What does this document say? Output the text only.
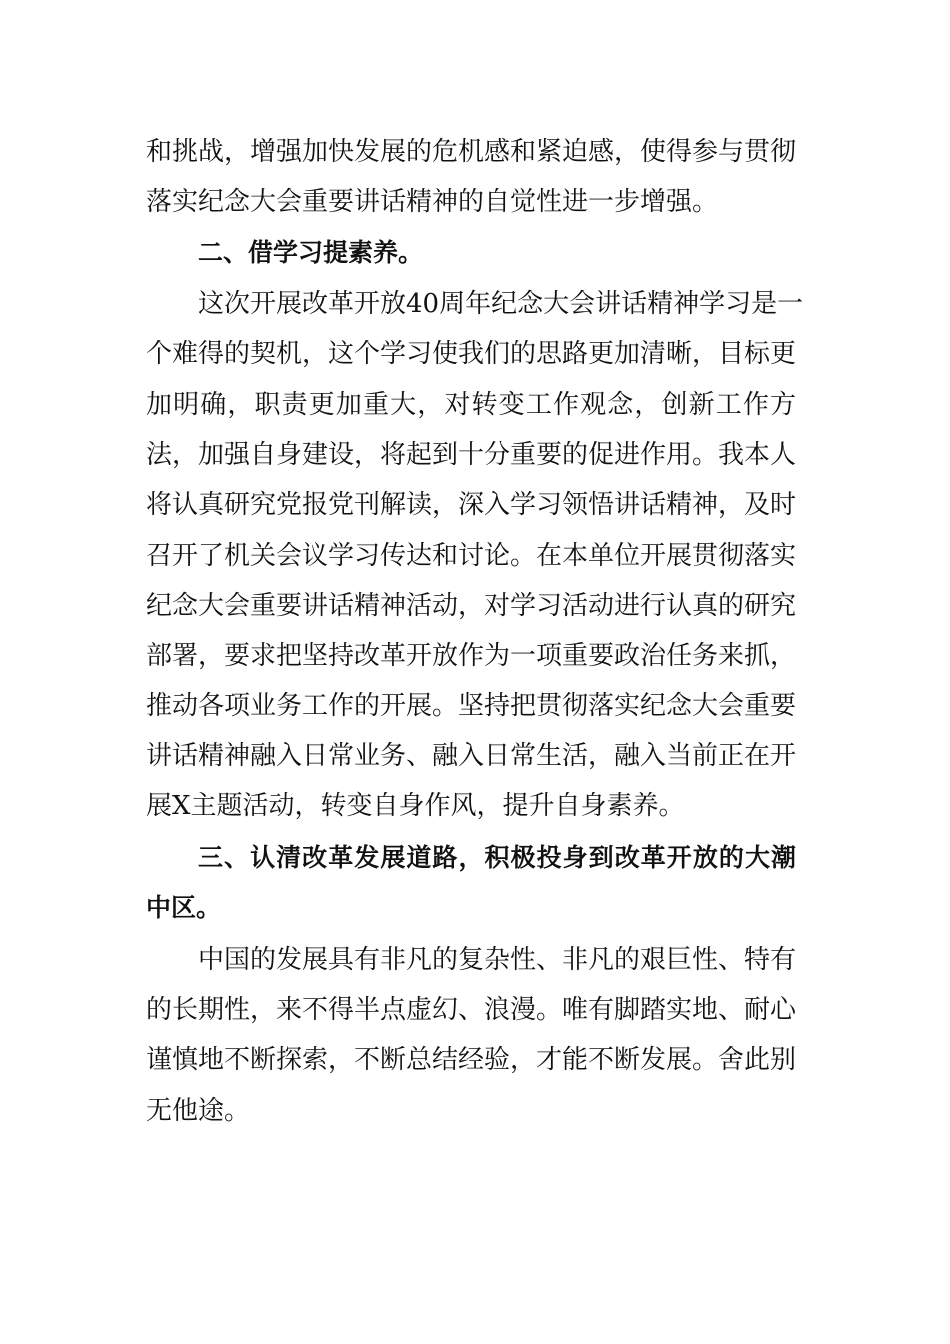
和挑战，增强加快发展的危机感和紧迫感，使得参与贯彻
落实纪念大会重要讲话精神的自觉性进一步增强。
二、借学习提素养。
这次开展改革开放40周年纪念大会讲话精神学习是一
个难得的契机，这个学习使我们的思路更加清晰，目标更
加明确，职责更加重大，对转变工作观念，创新工作方
法，加强自身建设，将起到十分重要的促进作用。我本人
将认真研究党报党刊解读，深入学习领悟讲话精神，及时
召开了机关会议学习传达和讨论。在本单位开展贯彻落实
纪念大会重要讲话精神活动，对学习活动进行认真的研究
部署，要求把坚持改革开放作为一项重要政治任务来抓，
推动各项业务工作的开展。坚持把贯彻落实纪念大会重要
讲话精神融入日常业务、融入日常生活，融入当前正在开
展X主题活动，转变自身作风，提升自身素养。
三、认清改革发展道路，积极投身到改革开放的大潮
中区。
中国的发展具有非凡的复杂性、非凡的艰巨性、特有
的长期性，来不得半点虚幻、浪漫。唯有脚踏实地、耐心
谨慎地不断探索，不断总结经验，才能不断发展。舍此别
无他途。
